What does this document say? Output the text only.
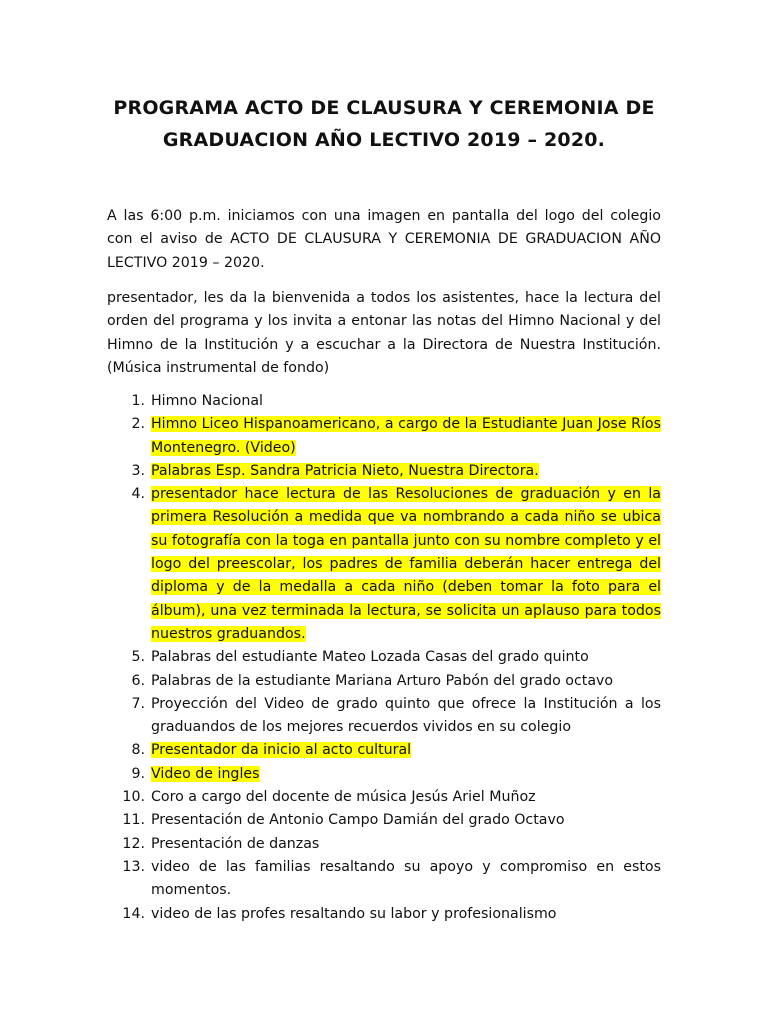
PROGRAMA ACTO DE CLAUSURA Y CEREMONIA DE
GRADUACION AÑO LECTIVO 2019 – 2020.

A las 6:00 p.m. iniciamos con una imagen en pantalla del logo del colegio con el aviso de ACTO DE CLAUSURA Y CEREMONIA DE GRADUACION AÑO LECTIVO 2019 – 2020.

presentador, les da la bienvenida a todos los asistentes, hace la lectura del orden del programa y los invita a entonar las notas del Himno Nacional y del Himno de la Institución y a escuchar a la Directora de Nuestra Institución. (Música instrumental de fondo)

1. Himno Nacional
2. Himno Liceo Hispanoamericano, a cargo de la Estudiante Juan Jose Ríos Montenegro. (Video)
3. Palabras Esp. Sandra Patricia Nieto, Nuestra Directora.
4. presentador hace lectura de las Resoluciones de graduación y en la primera Resolución a medida que va nombrando a cada niño se ubica su fotografía con la toga en pantalla junto con su nombre completo y el logo del preescolar, los padres de familia deberán hacer entrega del diploma y de la medalla a cada niño (deben tomar la foto para el álbum), una vez terminada la lectura, se solicita un aplauso para todos nuestros graduandos.
5. Palabras del estudiante Mateo Lozada Casas del grado quinto
6. Palabras de la estudiante Mariana Arturo Pabón del grado octavo
7. Proyección del Video de grado quinto que ofrece la Institución a los graduandos de los mejores recuerdos vividos en su colegio
8. Presentador da inicio al acto cultural
9. Video de ingles
10. Coro a cargo del docente de música Jesús Ariel Muñoz
11. Presentación de Antonio Campo Damián del grado Octavo
12. Presentación de danzas
13. video de las familias resaltando su apoyo y compromiso en estos momentos.
14. video de las profes resaltando su labor y profesionalismo
